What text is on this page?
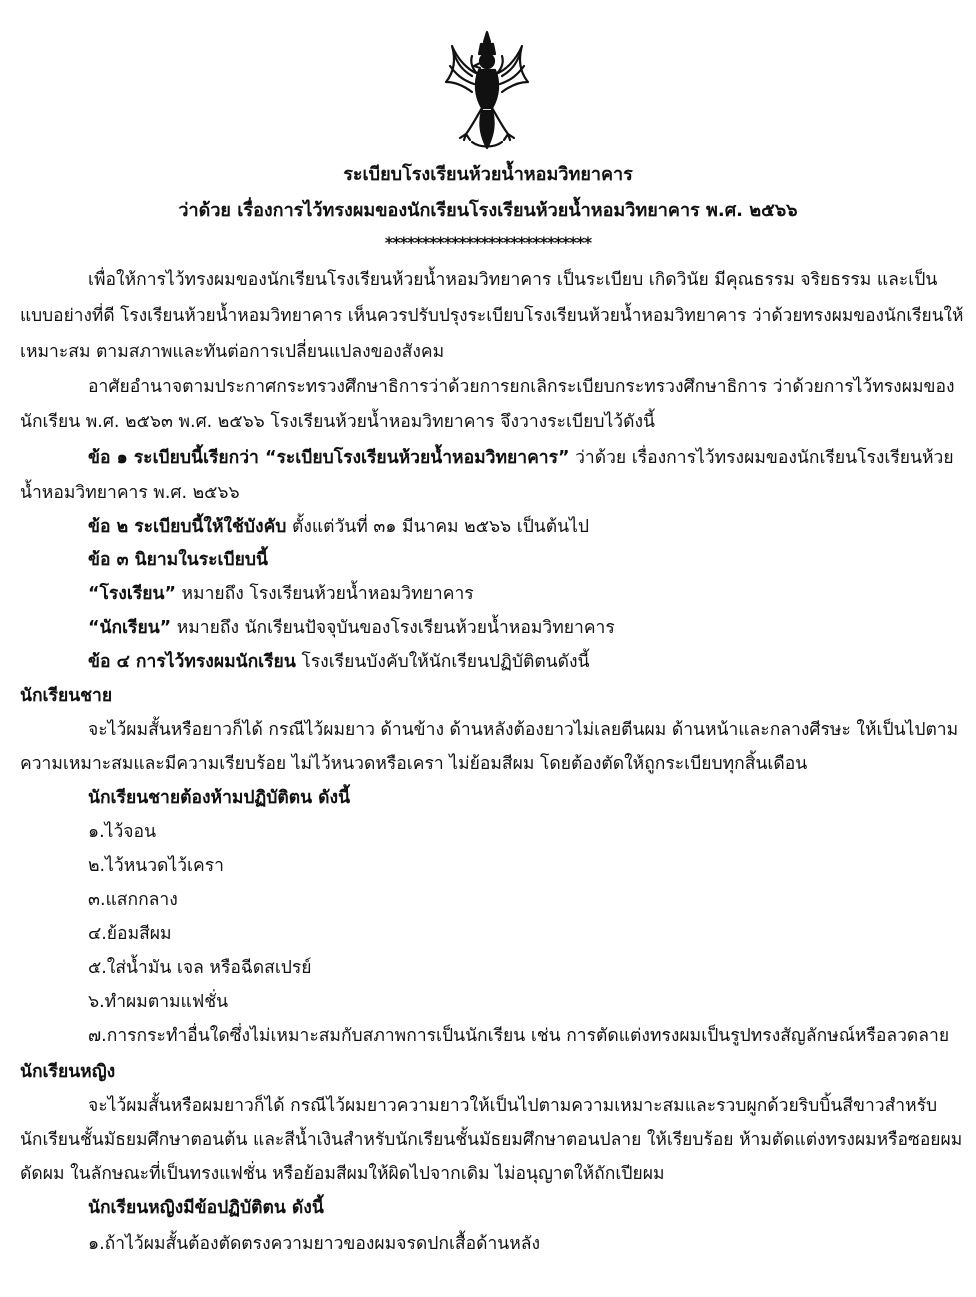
ระเบียบโรงเรียนห้วยน้ำหอมวิทยาคาร
ว่าด้วย เรื่องการไว้ทรงผมของนักเรียนโรงเรียนห้วยน้ำหอมวิทยาคาร พ.ศ. ๒๕๖๖
****************************
เพื่อให้การไว้ทรงผมของนักเรียนโรงเรียนห้วยน้ำหอมวิทยาคาร เป็นระเบียบ เกิดวินัย มีคุณธรรม จริยธรรม และเป็น
แบบอย่างที่ดี โรงเรียนห้วยน้ำหอมวิทยาคาร เห็นควรปรับปรุงระเบียบโรงเรียนห้วยน้ำหอมวิทยาคาร ว่าด้วยทรงผมของนักเรียนให้
เหมาะสม ตามสภาพและทันต่อการเปลี่ยนแปลงของสังคม
อาศัยอำนาจตามประกาศกระทรวงศึกษาธิการว่าด้วยการยกเลิกระเบียบกระทรวงศึกษาธิการ ว่าด้วยการไว้ทรงผมของ
นักเรียน พ.ศ. ๒๕๖๓ พ.ศ. ๒๕๖๖ โรงเรียนห้วยน้ำหอมวิทยาคาร จึงวางระเบียบไว้ดังนี้
ข้อ ๑ ระเบียบนี้เรียกว่า “ระเบียบโรงเรียนห้วยน้ำหอมวิทยาคาร” ว่าด้วย เรื่องการไว้ทรงผมของนักเรียนโรงเรียนห้วย
น้ำหอมวิทยาคาร พ.ศ. ๒๕๖๖
ข้อ ๒ ระเบียบนี้ให้ใช้บังคับ ตั้งแต่วันที่ ๓๑ มีนาคม ๒๕๖๖ เป็นต้นไป
ข้อ ๓ นิยามในระเบียบนี้
“โรงเรียน” หมายถึง โรงเรียนห้วยน้ำหอมวิทยาคาร
“นักเรียน” หมายถึง นักเรียนปัจจุบันของโรงเรียนห้วยน้ำหอมวิทยาคาร
ข้อ ๔ การไว้ทรงผมนักเรียน โรงเรียนบังคับให้นักเรียนปฏิบัติตนดังนี้
นักเรียนชาย
จะไว้ผมสั้นหรือยาวก็ได้ กรณีไว้ผมยาว ด้านข้าง ด้านหลังต้องยาวไม่เลยตีนผม ด้านหน้าและกลางศีรษะ ให้เป็นไปตาม
ความเหมาะสมและมีความเรียบร้อย ไม่ไว้หนวดหรือเครา ไม่ย้อมสีผม โดยต้องตัดให้ถูกระเบียบทุกสิ้นเดือน
นักเรียนชายต้องห้ามปฏิบัติตน ดังนี้
๑.ไว้จอน
๒.ไว้หนวดไว้เครา
๓.แสกกลาง
๔.ย้อมสีผม
๕.ใส่น้ำมัน เจล หรือฉีดสเปรย์
๖.ทำผมตามแฟชั่น
๗.การกระทำอื่นใดซึ่งไม่เหมาะสมกับสภาพการเป็นนักเรียน เช่น การตัดแต่งทรงผมเป็นรูปทรงสัญลักษณ์หรือลวดลาย
นักเรียนหญิง
จะไว้ผมสั้นหรือผมยาวก็ได้ กรณีไว้ผมยาวความยาวให้เป็นไปตามความเหมาะสมและรวบผูกด้วยริบบิ้นสีขาวสำหรับ
นักเรียนชั้นมัธยมศึกษาตอนต้น และสีน้ำเงินสำหรับนักเรียนชั้นมัธยมศึกษาตอนปลาย ให้เรียบร้อย ห้ามตัดแต่งทรงผมหรือซอยผม
ดัดผม ในลักษณะที่เป็นทรงแฟชั่น หรือย้อมสีผมให้ผิดไปจากเดิม ไม่อนุญาตให้ถักเปียผม
นักเรียนหญิงมีข้อปฏิบัติตน ดังนี้
๑.ถ้าไว้ผมสั้นต้องตัดตรงความยาวของผมจรดปกเสื้อด้านหลัง
